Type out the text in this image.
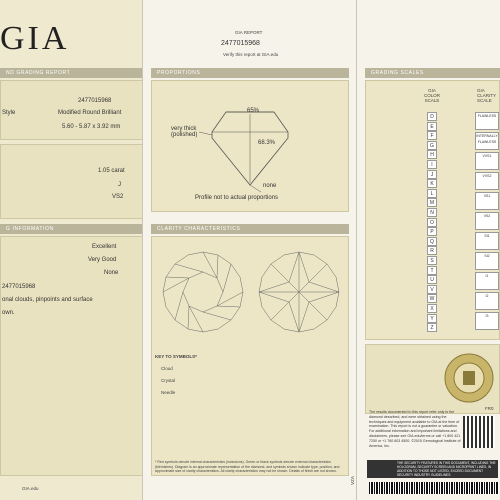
GIA
ND GRADING REPORT
2477015968
Style	Modified Round Brilliant
5.60 - 5.87 x 3.92 mm
1.05 carat
J
VS2
G INFORMATION
Excellent
Very Good
None
2477015968
onal clouds, pinpoints and surface
own.
GIA.edu
GIA REPORT
2477015968
Verify this report at GIA.edu
PROPORTIONS
65%
68.3%
very thick (polished)
none
Profile not to actual proportions
CLARITY CHARACTERISTICS
KEY TO SYMBOLS*
Cloud
Crystal
Needle
* Red symbols denote internal characteristics (inclusions). Green or black symbols denote external characteristics (blemishes). Diagram is an approximate representation of the diamond, and symbols shown indicate type, position, and approximate size of clarity characteristics. All clarity characteristics may not be shown. Details of finish are not shown.
VZA
GRADING SCALES
GIA COLOR SCALE
GIA CLARITY SCALE
D
E
F
G
H
I
J
K
L
M
N
O
P
Q
R
S
T
U
V
W
X
Y
Z
FLAWLESS
INTERNALLY FLAWLESS
VVS1
VVS2
VS1
VS2
SI1
SI2
I1
I2
I3
The results documented in this report refer only to the diamond described, and were obtained using the techniques and equipment available to GIA at the time of examination. This report is not a guarantee or valuation. For additional information and important limitations and disclaimers, please see GIA.edu/terms or call +1 800 421 7250 or +1 760 603 4500. ©2015 Gemological Institute of America, Inc.
FR0
THE SECURITY FEATURES IN THIS DOCUMENT, INCLUDING THE HOLOGRAM, SECURITY SCREEN AND MICROPRINT LINES, IN ADDITION TO THOSE NOT LISTED, EXCEED DOCUMENT SECURITY INDUSTRY GUIDELINES.
